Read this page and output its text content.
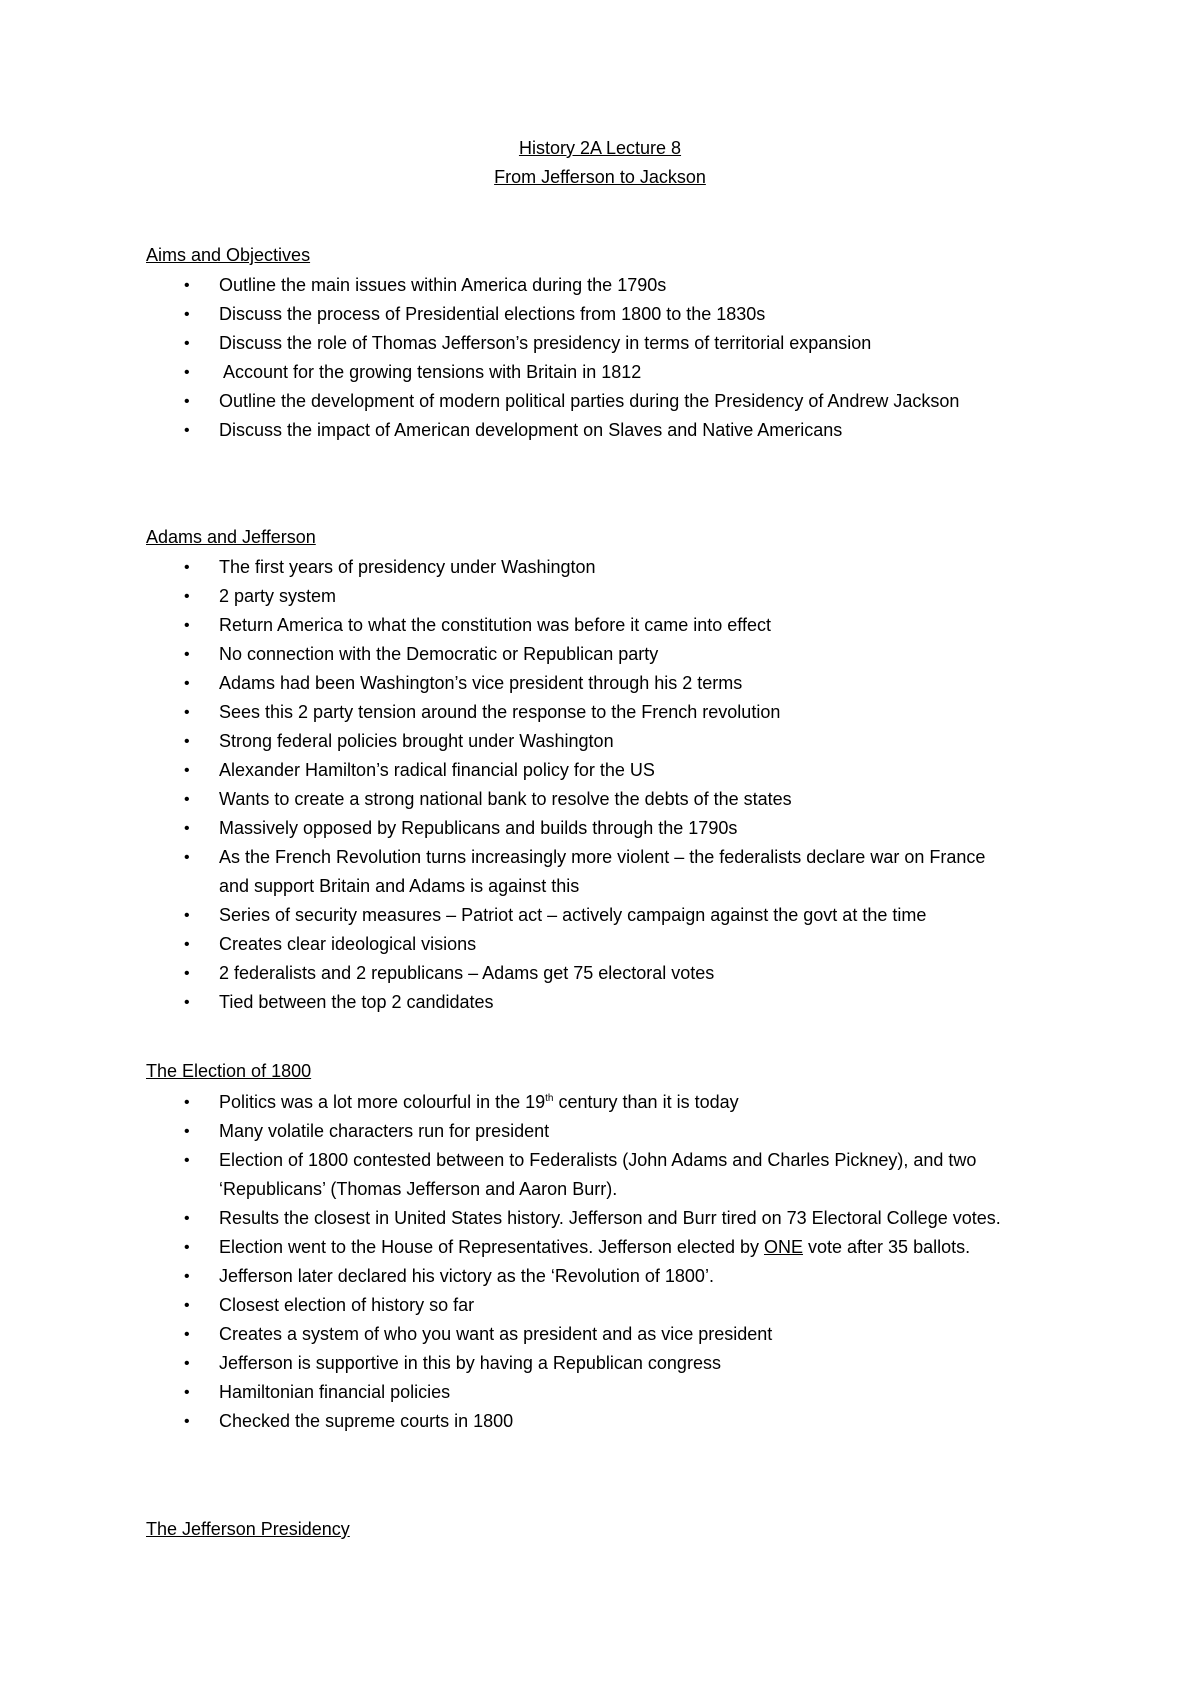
History 2A Lecture 8
From Jefferson to Jackson
Aims and Objectives
• Outline the main issues within America during the 1790s
• Discuss the process of Presidential elections from 1800 to the 1830s
• Discuss the role of Thomas Jefferson’s presidency in terms of territorial expansion
• Account for the growing tensions with Britain in 1812
• Outline the development of modern political parties during the Presidency of Andrew Jackson
• Discuss the impact of American development on Slaves and Native Americans
Adams and Jefferson
• The first years of presidency under Washington
• 2 party system
• Return America to what the constitution was before it came into effect
• No connection with the Democratic or Republican party
• Adams had been Washington’s vice president through his 2 terms
• Sees this 2 party tension around the response to the French revolution
• Strong federal policies brought under Washington
• Alexander Hamilton’s radical financial policy for the US
• Wants to create a strong national bank to resolve the debts of the states
• Massively opposed by Republicans and builds through the 1790s
• As the French Revolution turns increasingly more violent – the federalists declare war on France and support Britain and Adams is against this
• Series of security measures – Patriot act – actively campaign against the govt at the time
• Creates clear ideological visions
• 2 federalists and 2 republicans – Adams get 75 electoral votes
• Tied between the top 2 candidates
The Election of 1800
• Politics was a lot more colourful in the 19th century than it is today
• Many volatile characters run for president
• Election of 1800 contested between to Federalists (John Adams and Charles Pickney), and two ‘Republicans’ (Thomas Jefferson and Aaron Burr).
• Results the closest in United States history. Jefferson and Burr tired on 73 Electoral College votes.
• Election went to the House of Representatives. Jefferson elected by ONE vote after 35 ballots.
• Jefferson later declared his victory as the ‘Revolution of 1800’.
• Closest election of history so far
• Creates a system of who you want as president and as vice president
• Jefferson is supportive in this by having a Republican congress
• Hamiltonian financial policies
• Checked the supreme courts in 1800
The Jefferson Presidency
